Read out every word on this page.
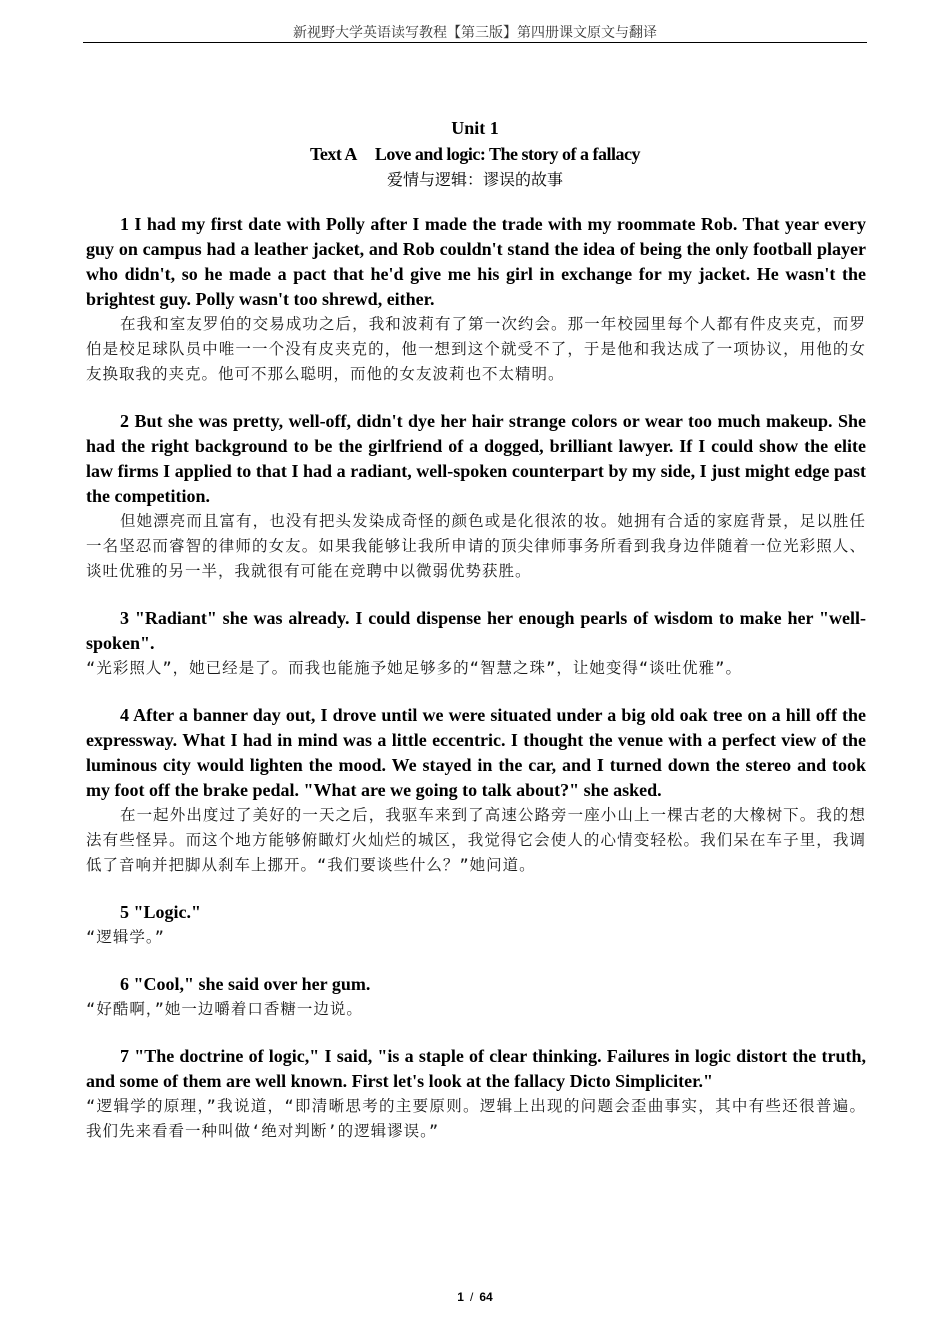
新视野大学英语读写教程【第三版】第四册课文原文与翻译
Unit 1
Text A Love and logic: The story of a fallacy
爱情与逻辑：谬误的故事

1 I had my first date with Polly after I made the trade with my roommate Rob. That year every guy on campus had a leather jacket, and Rob couldn't stand the idea of being the only football player who didn't, so he made a pact that he'd give me his girl in exchange for my jacket. He wasn't the brightest guy. Polly wasn't too shrewd, either.

在我和室友罗伯的交易成功之后，我和波莉有了第一次约会。那一年校园里每个人都有件皮夹克，而罗伯是校足球队员中唯一一个没有皮夹克的，他一想到这个就受不了，于是他和我达成了一项协议，用他的女友换取我的夹克。他可不那么聪明，而他的女友波莉也不太精明。

2 But she was pretty, well-off, didn't dye her hair strange colors or wear too much makeup. She had the right background to be the girlfriend of a dogged, brilliant lawyer. If I could show the elite law firms I applied to that I had a radiant, well-spoken counterpart by my side, I just might edge past the competition.

但她漂亮而且富有，也没有把头发染成奇怪的颜色或是化很浓的妆。她拥有合适的家庭背景，足以胜任一名坚忍而睿智的律师的女友。如果我能够让我所申请的顶尖律师事务所看到我身边伴随着一位光彩照人、谈吐优雅的另一半，我就很有可能在竞聘中以微弱优势获胜。

3 "Radiant" she was already. I could dispense her enough pearls of wisdom to make her "well-spoken".

“光彩照人”，她已经是了。而我也能施予她足够多的“智慧之珠”，让她变得“谈吐优雅”。

4 After a banner day out, I drove until we were situated under a big old oak tree on a hill off the expressway. What I had in mind was a little eccentric. I thought the venue with a perfect view of the luminous city would lighten the mood. We stayed in the car, and I turned down the stereo and took my foot off the brake pedal. "What are we going to talk about?" she asked.

在一起外出度过了美好的一天之后，我驱车来到了高速公路旁一座小山上一棵古老的大橡树下。我的想法有些怪异。而这个地方能够俯瞰灯火灿烂的城区，我觉得它会使人的心情变轻松。我们呆在车子里，我调低了音响并把脚从刹车上挪开。“我们要谈些什么？”她问道。

5 "Logic."

“逻辑学。”

6 "Cool," she said over her gum.

“好酷啊，”她一边嚼着口香糖一边说。

7 "The doctrine of logic," I said, "is a staple of clear thinking. Failures in logic distort the truth, and some of them are well known. First let's look at the fallacy Dicto Simpliciter."

“逻辑学的原理，”我说道，“即清晰思考的主要原则。逻辑上出现的问题会歪曲事实，其中有些还很普遍。我们先来看看一种叫做‘绝对判断’的逻辑谬误。”

1 / 64
